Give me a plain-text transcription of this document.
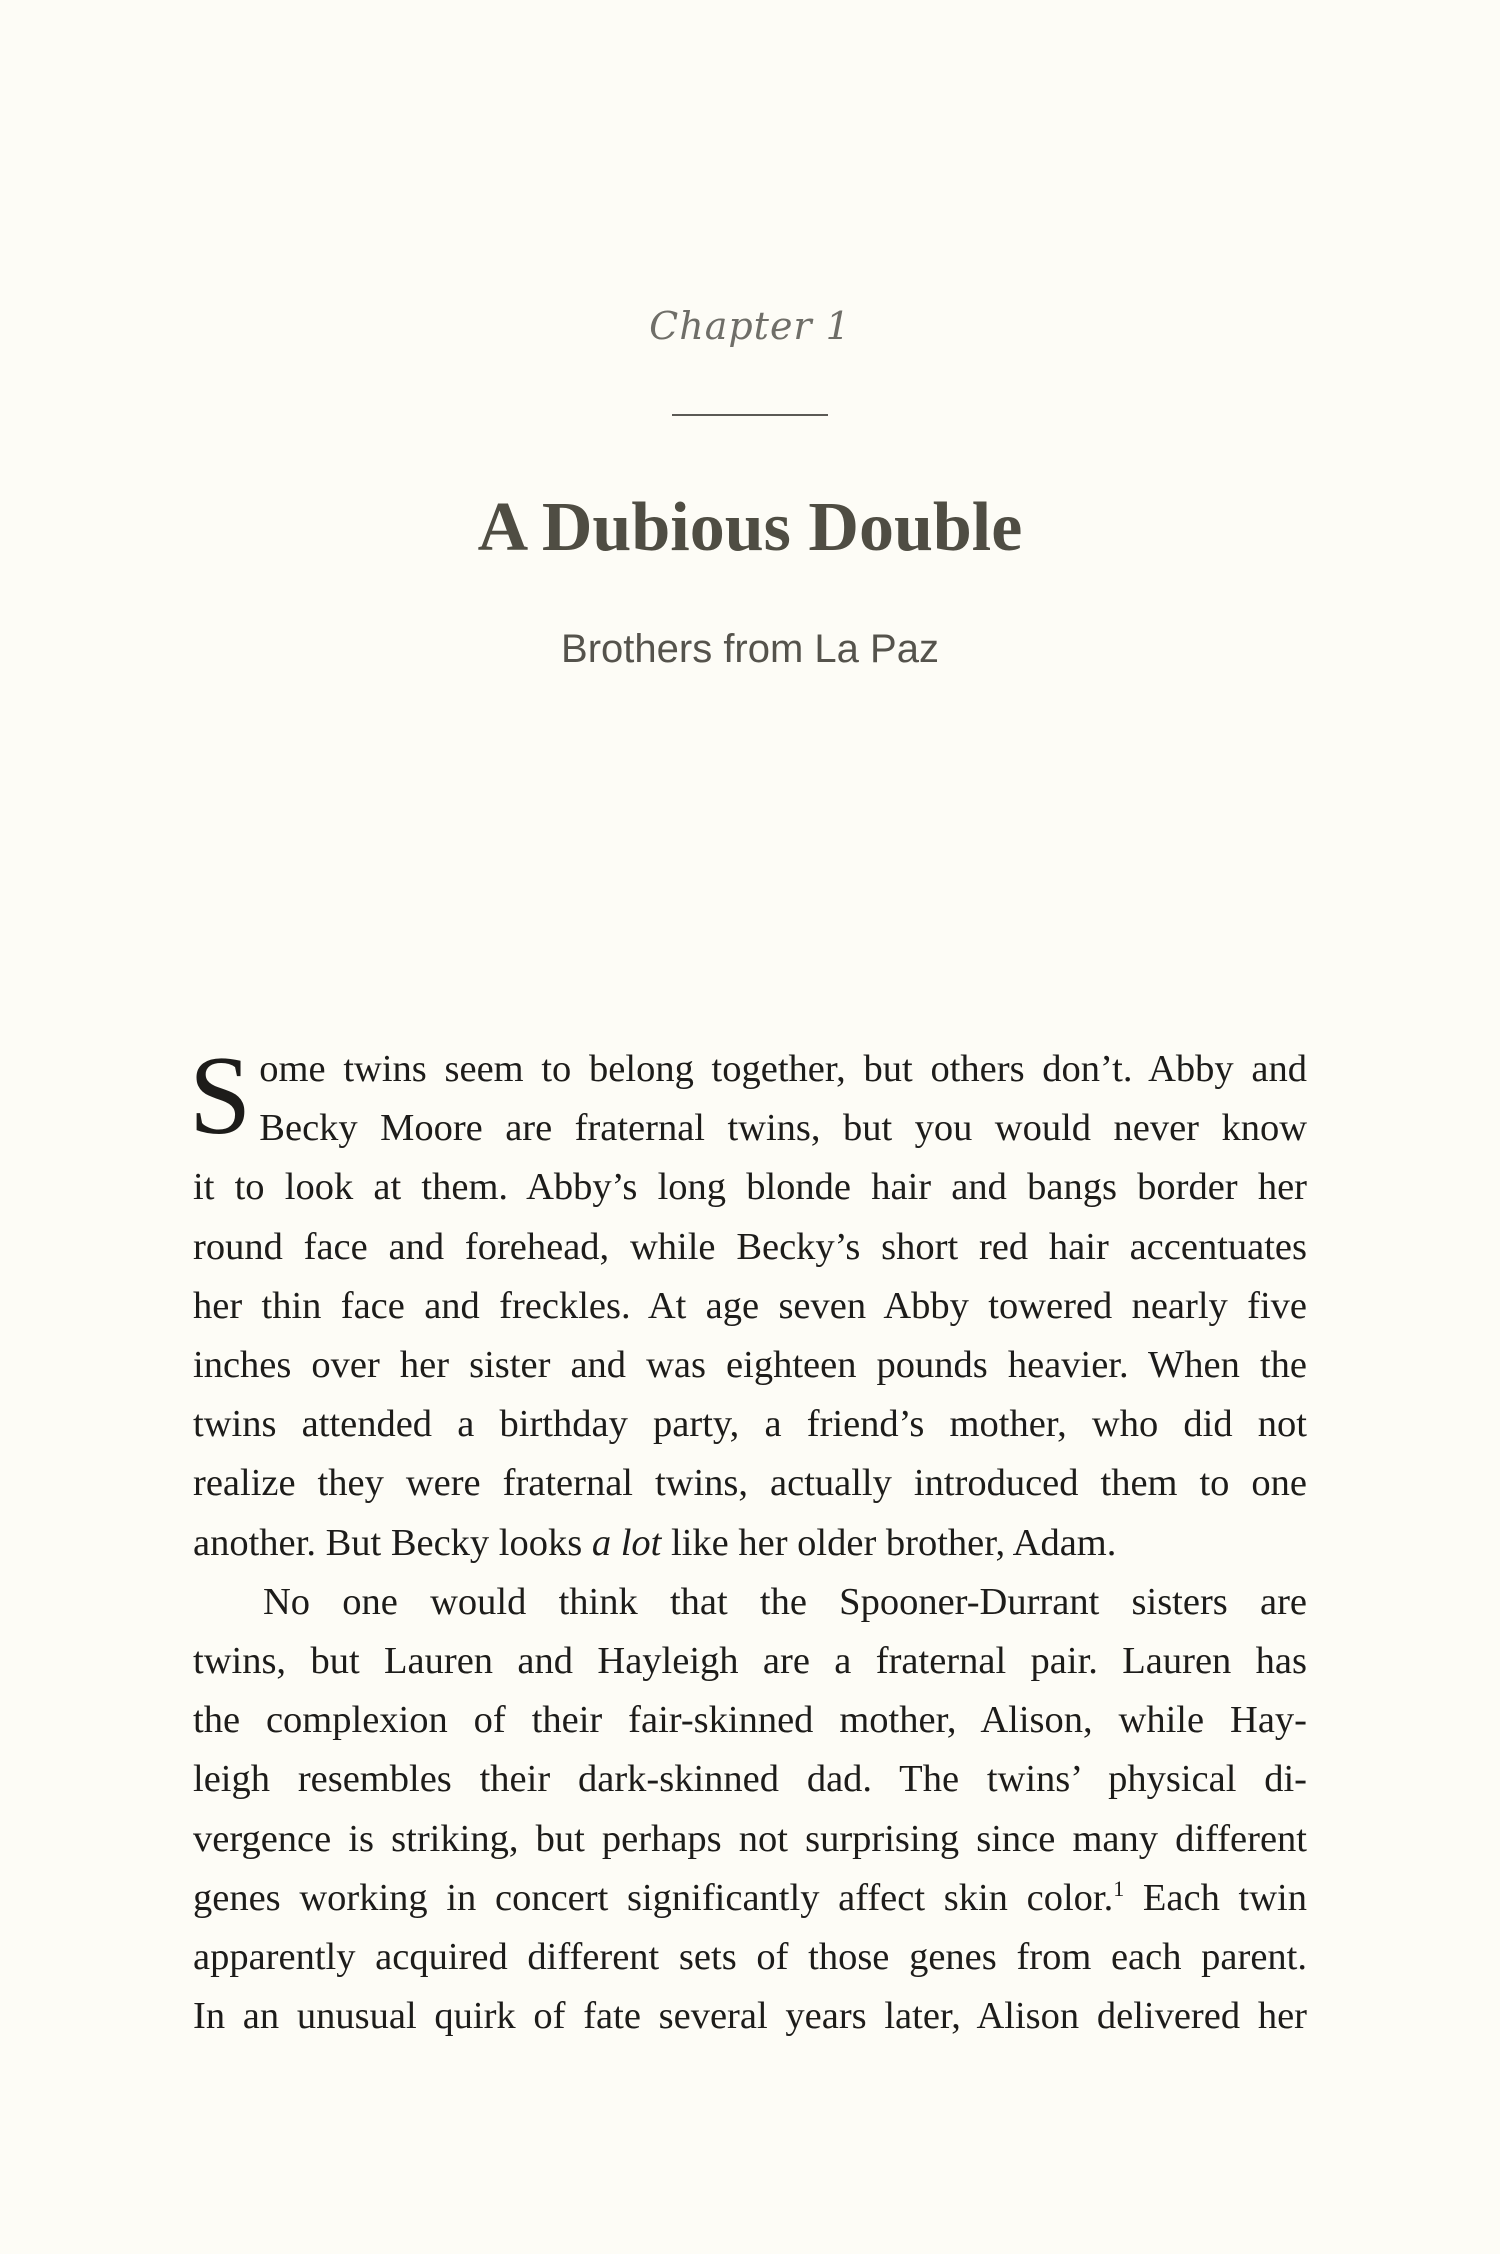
Chapter 1
A Dubious Double
Brothers from La Paz

S ome twins seem to belong together, but others don’t. Abby and
Becky Moore are fraternal twins, but you would never know
it to look at them. Abby’s long blonde hair and bangs border her
round face and forehead, while Becky’s short red hair accentuates
her thin face and freckles. At age seven Abby towered nearly five
inches over her sister and was eighteen pounds heavier. When the
twins attended a birthday party, a friend’s mother, who did not
realize they were fraternal twins, actually introduced them to one
another. But Becky looks a lot like her older brother, Adam.

No one would think that the Spooner-Durrant sisters are
twins, but Lauren and Hayleigh are a fraternal pair. Lauren has
the complexion of their fair-skinned mother, Alison, while Hay-
leigh resembles their dark-skinned dad. The twins’ physical di-
vergence is striking, but perhaps not surprising since many different
genes working in concert significantly affect skin color.$^1$ Each twin
apparently acquired different sets of those genes from each parent.
In an unusual quirk of fate several years later, Alison delivered her
